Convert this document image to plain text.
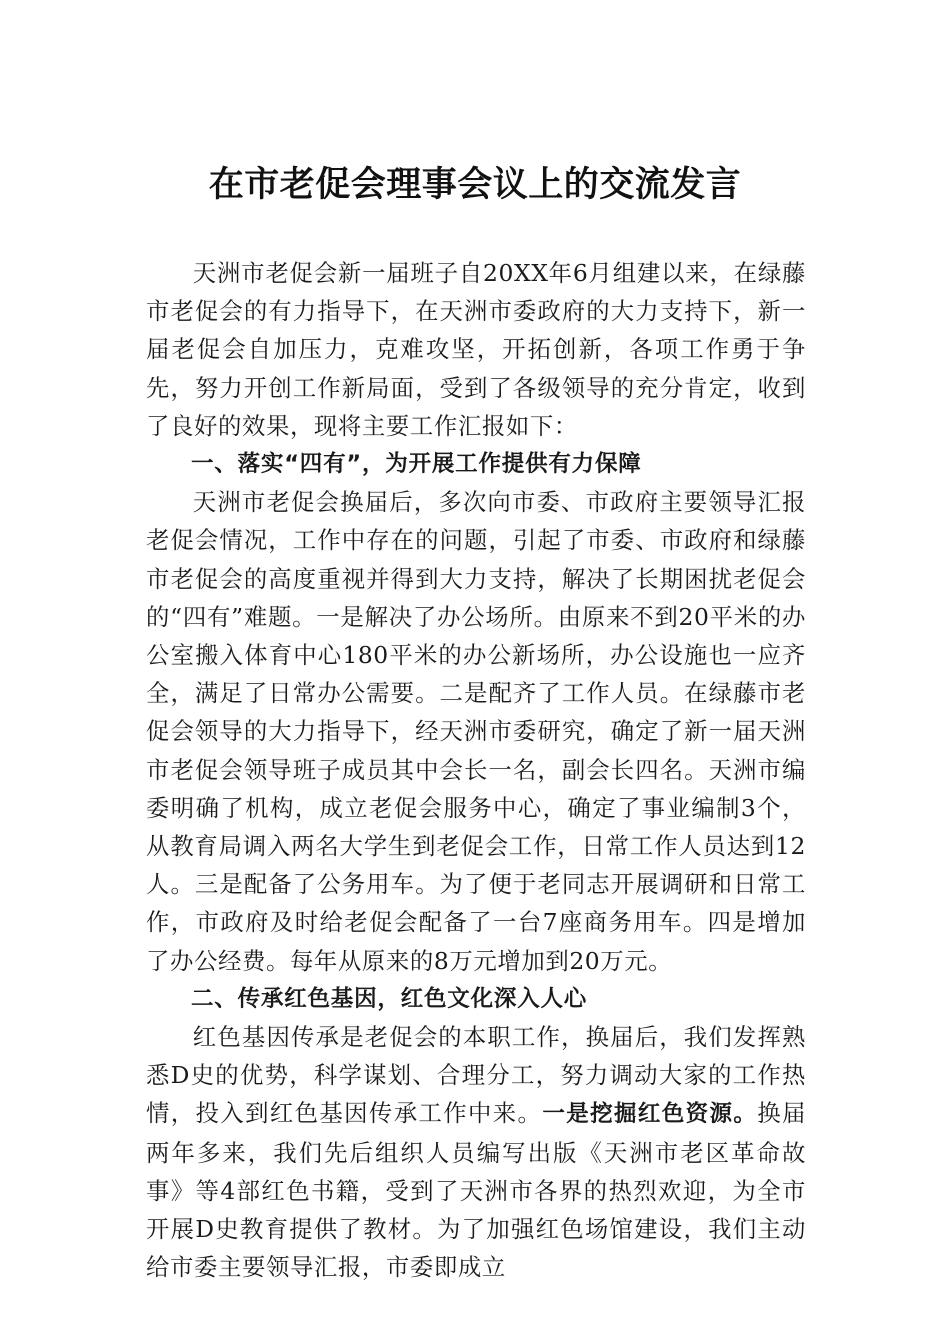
在市老促会理事会议上的交流发言

天洲市老促会新一届班子自20XX年6月组建以来，在绿藤市老促会的有力指导下，在天洲市委政府的大力支持下，新一届老促会自加压力，克难攻坚，开拓创新，各项工作勇于争先，努力开创工作新局面，受到了各级领导的充分肯定，收到了良好的效果，现将主要工作汇报如下：

一、落实“四有”，为开展工作提供有力保障

天洲市老促会换届后，多次向市委、市政府主要领导汇报老促会情况，工作中存在的问题，引起了市委、市政府和绿藤市老促会的高度重视并得到大力支持，解决了长期困扰老促会的“四有”难题。一是解决了办公场所。由原来不到20平米的办公室搬入体育中心180平米的办公新场所，办公设施也一应齐全，满足了日常办公需要。二是配齐了工作人员。在绿藤市老促会领导的大力指导下，经天洲市委研究，确定了新一届天洲市老促会领导班子成员其中会长一名，副会长四名。天洲市编委明确了机构，成立老促会服务中心，确定了事业编制3个，从教育局调入两名大学生到老促会工作，日常工作人员达到12人。三是配备了公务用车。为了便于老同志开展调研和日常工作，市政府及时给老促会配备了一台7座商务用车。四是增加了办公经费。每年从原来的8万元增加到20万元。

二、传承红色基因，红色文化深入人心

红色基因传承是老促会的本职工作，换届后，我们发挥熟悉D史的优势，科学谋划、合理分工，努力调动大家的工作热情，投入到红色基因传承工作中来。一是挖掘红色资源。换届两年多来，我们先后组织人员编写出版《天洲市老区革命故事》等4部红色书籍，受到了天洲市各界的热烈欢迎，为全市开展D史教育提供了教材。为了加强红色场馆建设，我们主动给市委主要领导汇报，市委即成立
